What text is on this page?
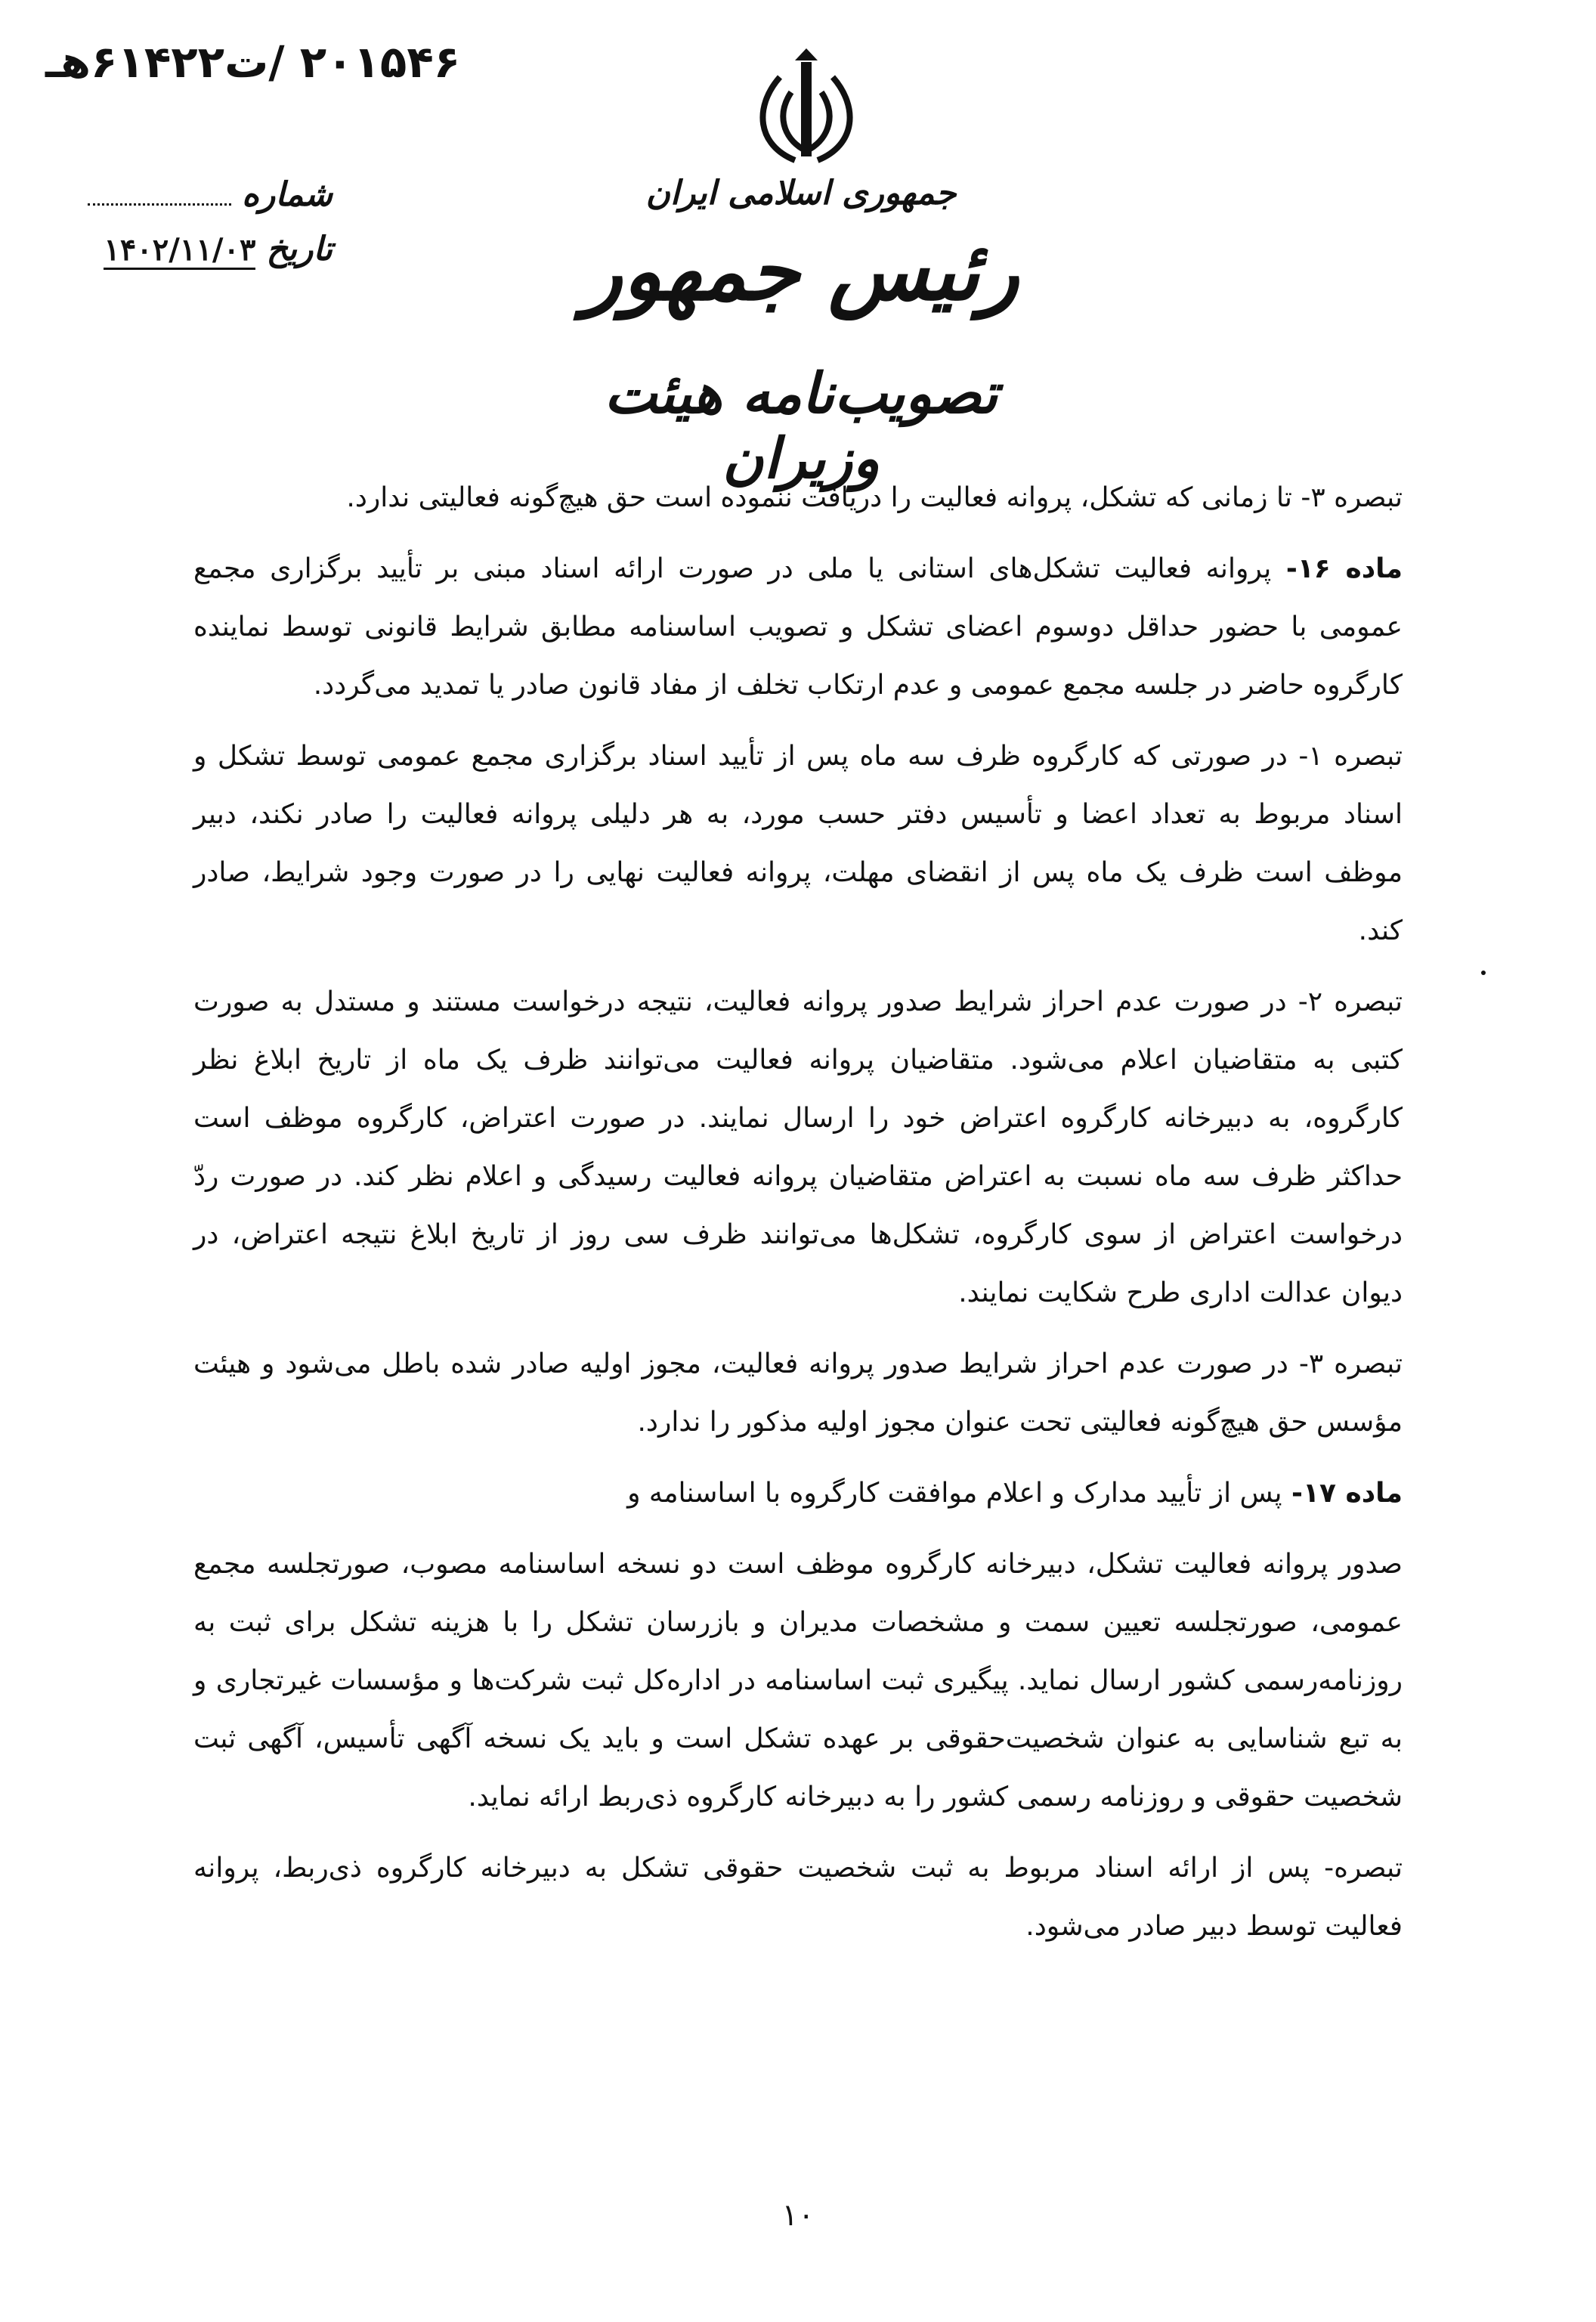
۲۰۱۵۴۶ /ت۶۱۴۲۲هـ
جمهوری اسلامی ایران
رئیس جمهور
تصویب‌نامه هیئت وزیران
شماره
تاریخ
۱۴۰۲/۱۱/۰۳

تبصره ۳- تا زمانی که تشکل، پروانه فعالیت را دریافت ننموده است حق هیچ‌گونه فعالیتی ندارد.

ماده ۱۶- پروانه فعالیت تشکل‌های استانی یا ملی در صورت ارائه اسناد مبنی بر تأیید برگزاری مجمع عمومی با حضور حداقل دوسوم اعضای تشکل و تصویب اساسنامه مطابق شرایط قانونی توسط نماینده کارگروه حاضر در جلسه مجمع عمومی و عدم ارتکاب تخلف از مفاد قانون صادر یا تمدید می‌گردد.

تبصره ۱- در صورتی که کارگروه ظرف سه ماه پس از تأیید اسناد برگزاری مجمع عمومی توسط تشکل و اسناد مربوط به تعداد اعضا و تأسیس دفتر حسب مورد، به هر دلیلی پروانه فعالیت را صادر نکند، دبیر موظف است ظرف یک ماه پس از انقضای مهلت، پروانه فعالیت نهایی را در صورت وجود شرایط، صادر کند.

تبصره ۲- در صورت عدم احراز شرایط صدور پروانه فعالیت، نتیجه درخواست مستند و مستدل به صورت کتبی به متقاضیان اعلام می‌شود. متقاضیان پروانه فعالیت می‌توانند ظرف یک ماه از تاریخ ابلاغ نظر کارگروه، به دبیرخانه کارگروه اعتراض خود را ارسال نمایند. در صورت اعتراض، کارگروه موظف است حداکثر ظرف سه ماه نسبت به اعتراض متقاضیان پروانه فعالیت رسیدگی و اعلام نظر کند. در صورت ردّ درخواست اعتراض از سوی کارگروه، تشکل‌ها می‌توانند ظرف سی روز از تاریخ ابلاغ نتیجه اعتراض، در دیوان عدالت اداری طرح شکایت نمایند.

تبصره ۳- در صورت عدم احراز شرایط صدور پروانه فعالیت، مجوز اولیه صادر شده باطل می‌شود و هیئت مؤسس حق هیچ‌گونه فعالیتی تحت عنوان مجوز اولیه مذکور را ندارد.

ماده ۱۷- پس از تأیید مدارک و اعلام موافقت کارگروه با اساسنامه و

صدور پروانه فعالیت تشکل، دبیرخانه کارگروه موظف است دو نسخه اساسنامه مصوب، صورتجلسه مجمع عمومی، صورتجلسه تعیین سمت و مشخصات مدیران و بازرسان تشکل را با هزینه تشکل برای ثبت به روزنامه‌رسمی کشور ارسال نماید. پیگیری ثبت اساسنامه در اداره‌کل ثبت شرکت‌ها و مؤسسات غیرتجاری و به تبع شناسایی به عنوان شخصیت‌حقوقی بر عهده تشکل است و باید یک نسخه آگهی تأسیس، آگهی ثبت شخصیت حقوقی و روزنامه رسمی کشور را به دبیرخانه کارگروه ذی‌ربط ارائه نماید.

تبصره- پس از ارائه اسناد مربوط به ثبت شخصیت حقوقی تشکل به دبیرخانه کارگروه ذی‌ربط، پروانه فعالیت توسط دبیر صادر می‌شود.

۱۰
